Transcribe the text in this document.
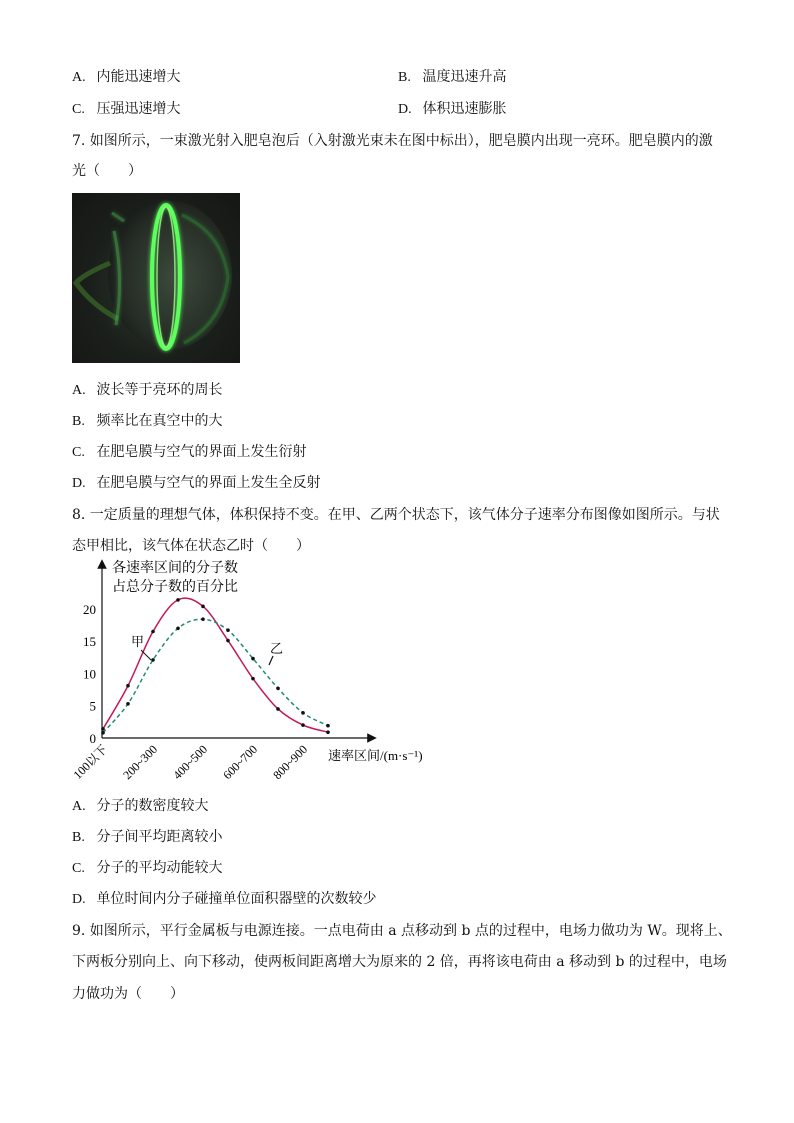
A. 内能迅速增大	B. 温度迅速升高
C. 压强迅速增大	D. 体积迅速膨胀
7. 如图所示，一束激光射入肥皂泡后（入射激光束未在图中标出），肥皂膜内出现一亮环。肥皂膜内的激
光（　　）
A. 波长等于亮环的周长
B. 频率比在真空中的大
C. 在肥皂膜与空气的界面上发生衍射
D. 在肥皂膜与空气的界面上发生全反射
8. 一定质量的理想气体，体积保持不变。在甲、乙两个状态下，该气体分子速率分布图像如图所示。与状
态甲相比，该气体在状态乙时（　　）
各速率区间的分子数
占总分子数的百分比
速率区间/(m·s⁻¹)
0
5
10
15
20
100以下 200~300 400~500 600~700 800~900
甲	乙
A. 分子的数密度较大
B. 分子间平均距离较小
C. 分子的平均动能较大
D. 单位时间内分子碰撞单位面积器壁的次数较少
9. 如图所示，平行金属板与电源连接。一点电荷由 a 点移动到 b 点的过程中，电场力做功为 W。现将上、
下两板分别向上、向下移动，使两板间距离增大为原来的 2 倍，再将该电荷由 a 移动到 b 的过程中，电场
力做功为（　　）
